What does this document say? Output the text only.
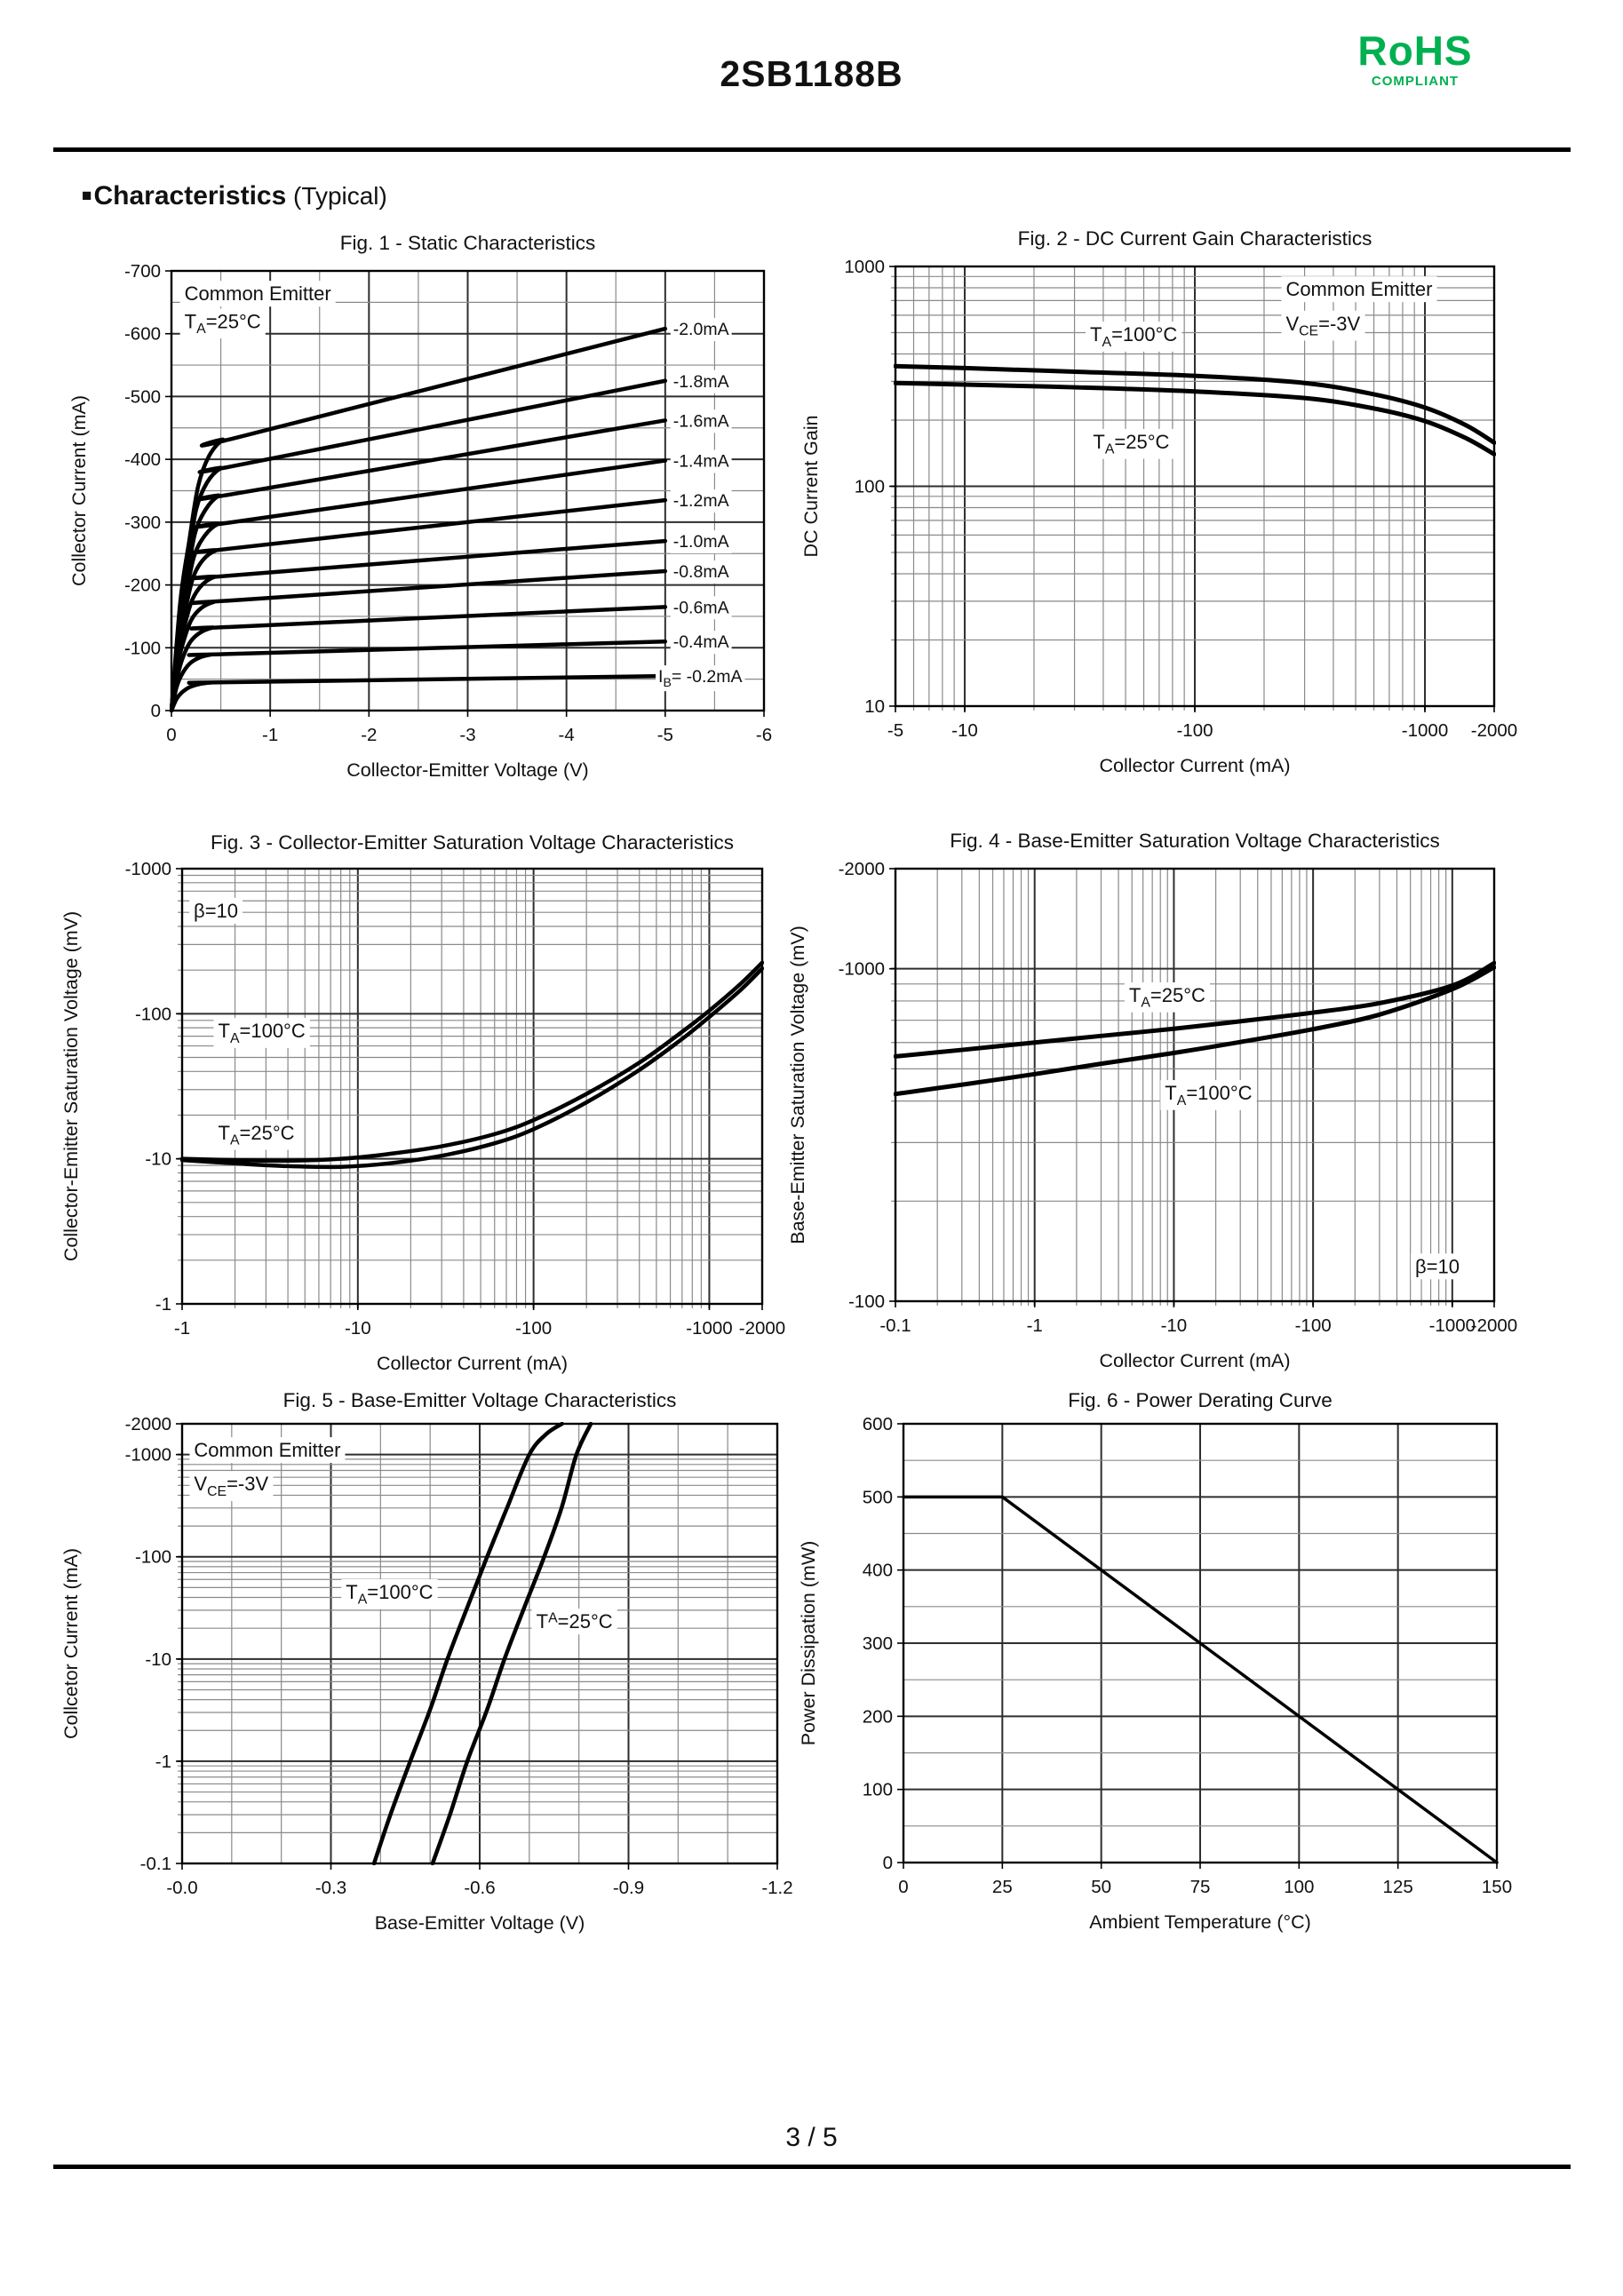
2SB1188B	RoHS
COMPLIANT
■Characteristics (Typical)
Fig. 1 - Static Characteristics
0	-1	-2	-3	-4	-5	-6
0
-100
-200
-300
-400
-500
-600
-700
Collector-Emitter Voltage (V)
Collector Current (mA)
-2.0mA
-1.8mA
-1.6mA
-1.4mA
-1.2mA
-1.0mA
-0.8mA
-0.6mA
-0.4mA
$I_B= -0.2mA$
Common Emitter
$T_A=25^\circ C$
Fig. 2 - DC Current Gain Characteristics
-5	-10	-100	-1000 -2000
10
100
1000
Collector Current (mA)
DC Current Gain
$T_A=100^\circ C$
Common Emitter
$V_{CE}=-3V$
$T_A=25^\circ C$
Fig. 3 - Collector-Emitter Saturation Voltage Characteristics
-1	-10	-100	-1000 -2000
-1
-10
-100
-1000
Collector Current (mA)
Collector-Emitter Saturation Voltage (mV)
β=10
$T_A=100^\circ C$
$T_A=25^\circ C$
Fig. 4 - Base-Emitter Saturation Voltage Characteristics
-0.1	-1	-10	-100	-1000
-2000
-100
-1000
-2000
Collector Current (mA)
Base-Emitter Saturation Voltage (mV)	$T_A=25^\circ C$
$T_A=100^\circ C$
β=10
Fig. 5 - Base-Emitter Voltage Characteristics
-0.0	-0.3	-0.6	-0.9	-1.2
-0.1
-1
-10
-100
-1000
-2000
Base-Emitter Voltage (V)
Collcetor Current (mA)
Common Emitter
$V_{CE}=-3V$
$T_A=100^\circ C$
$T^A=25^\circ C$
Fig. 6 - Power Derating Curve
0	25	50	75	100	125	150
0
100
200
300
400
500
600
Ambient Temperature (°C)
Power Dissipation (mW)
3 / 5
